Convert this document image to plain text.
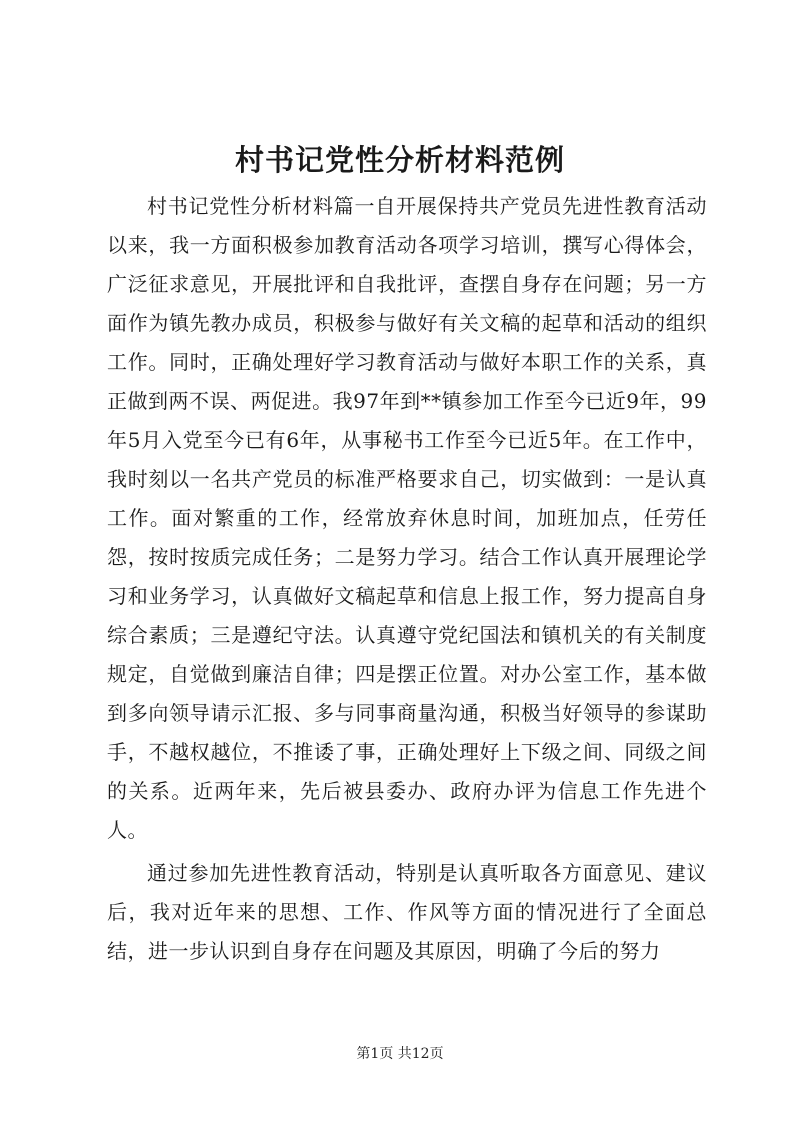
村书记党性分析材料范例

村书记党性分析材料篇一自开展保持共产党员先进性教育活动以来，我一方面积极参加教育活动各项学习培训，撰写心得体会，广泛征求意见，开展批评和自我批评，查摆自身存在问题；另一方面作为镇先教办成员，积极参与做好有关文稿的起草和活动的组织工作。同时，正确处理好学习教育活动与做好本职工作的关系，真正做到两不误、两促进。我97年到**镇参加工作至今已近9年，99年5月入党至今已有6年，从事秘书工作至今已近5年。在工作中，我时刻以一名共产党员的标准严格要求自己，切实做到：一是认真工作。面对繁重的工作，经常放弃休息时间，加班加点，任劳任怨，按时按质完成任务；二是努力学习。结合工作认真开展理论学习和业务学习，认真做好文稿起草和信息上报工作，努力提高自身综合素质；三是遵纪守法。认真遵守党纪国法和镇机关的有关制度规定，自觉做到廉洁自律；四是摆正位置。对办公室工作，基本做到多向领导请示汇报、多与同事商量沟通，积极当好领导的参谋助手，不越权越位，不推诿了事，正确处理好上下级之间、同级之间的关系。近两年来，先后被县委办、政府办评为信息工作先进个人。

通过参加先进性教育活动，特别是认真听取各方面意见、建议后，我对近年来的思想、工作、作风等方面的情况进行了全面总结，进一步认识到自身存在问题及其原因，明确了今后的努力

第1页 共12页
